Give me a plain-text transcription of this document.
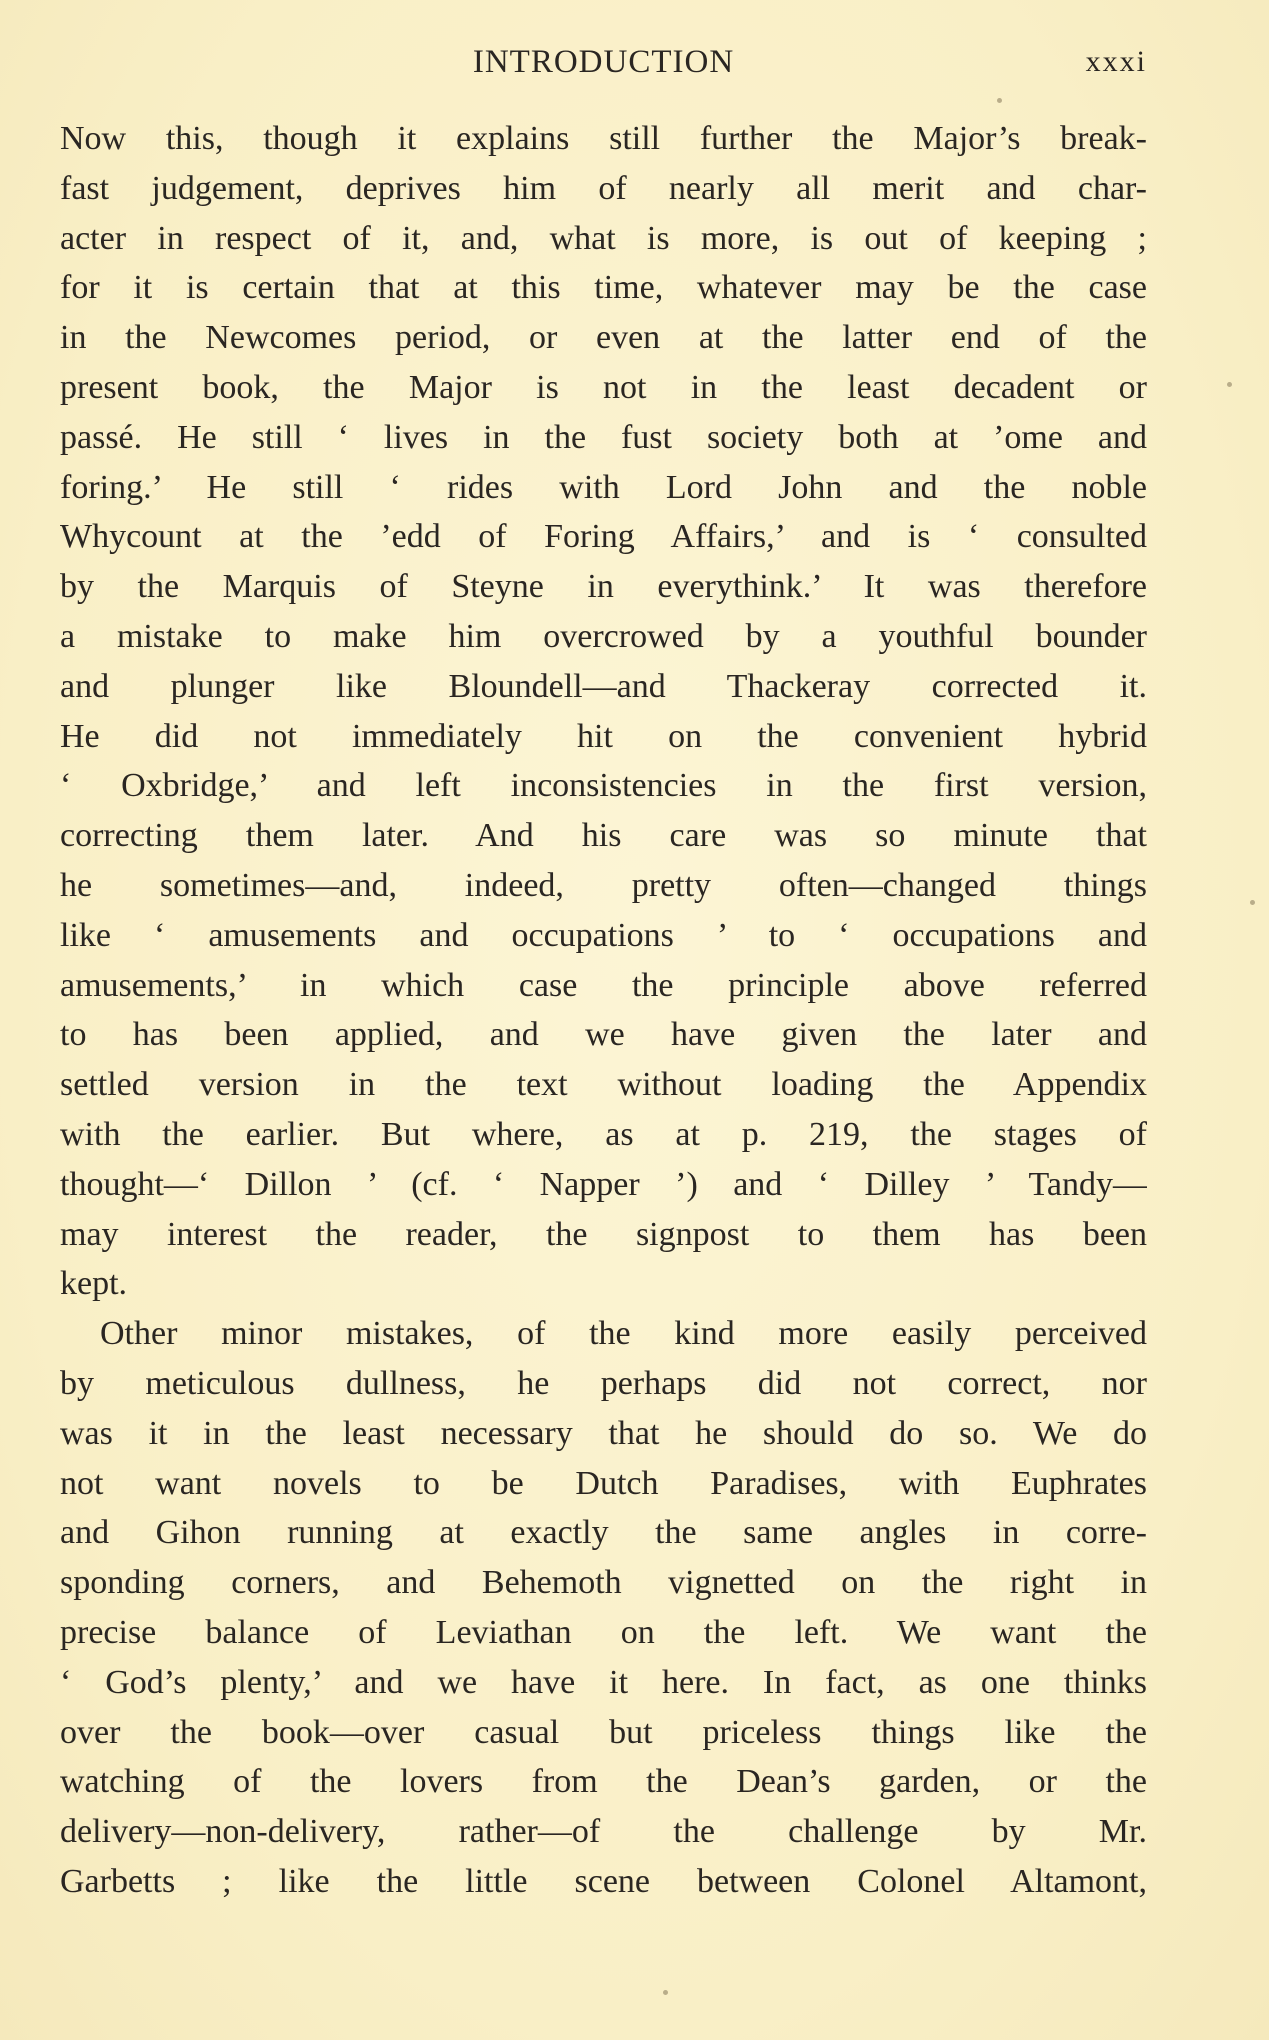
INTRODUCTION	xxxi
Now this, though it explains still further the Major’s break-
fast judgement, deprives him of nearly all merit and char-
acter in respect of it, and, what is more, is out of keeping ;
for it is certain that at this time, whatever may be the case
in the Newcomes period, or even at the latter end of the
present book, the Major is not in the least decadent or
passé. He still ‘ lives in the fust society both at ’ome and
foring.’ He still ‘ rides with Lord John and the noble
Whycount at the ’edd of Foring Affairs,’ and is ‘ consulted
by the Marquis of Steyne in everythink.’ It was therefore
a mistake to make him overcrowed by a youthful bounder
and plunger like Bloundell—and Thackeray corrected it.
He did not immediately hit on the convenient hybrid
‘ Oxbridge,’ and left inconsistencies in the first version,
correcting them later. And his care was so minute that
he sometimes—and, indeed, pretty often—changed things
like ‘ amusements and occupations ’ to ‘ occupations and
amusements,’ in which case the principle above referred
to has been applied, and we have given the later and
settled version in the text without loading the Appendix
with the earlier. But where, as at p. 219, the stages of
thought—‘ Dillon ’ (cf. ‘ Napper ’) and ‘ Dilley ’ Tandy—
may interest the reader, the signpost to them has been
kept.
Other minor mistakes, of the kind more easily perceived
by meticulous dullness, he perhaps did not correct, nor
was it in the least necessary that he should do so. We do
not want novels to be Dutch Paradises, with Euphrates
and Gihon running at exactly the same angles in corre-
sponding corners, and Behemoth vignetted on the right in
precise balance of Leviathan on the left. We want the
‘ God’s plenty,’ and we have it here. In fact, as one thinks
over the book—over casual but priceless things like the
watching of the lovers from the Dean’s garden, or the
delivery—non-delivery, rather—of the challenge by Mr.
Garbetts ; like the little scene between Colonel Altamont,
